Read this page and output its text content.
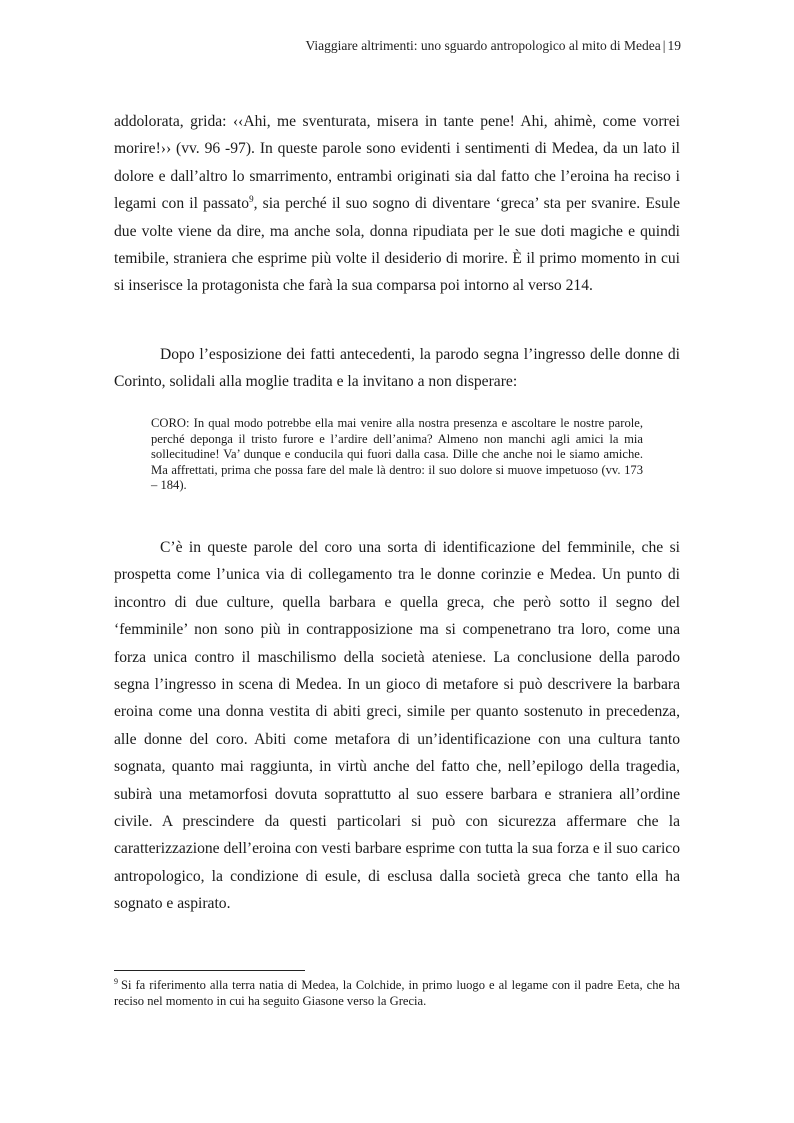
Viaggiare altrimenti: uno sguardo antropologico al mito di Medea | 19

addolorata, grida: ‹‹Ahi, me sventurata, misera in tante pene! Ahi, ahimè, come vorrei morire!›› (vv. 96 -97). In queste parole sono evidenti i sentimenti di Medea, da un lato il dolore e dall’altro lo smarrimento, entrambi originati sia dal fatto che l’eroina ha reciso i legami con il passato$^9$, sia perché il suo sogno di diventare ‘greca’ sta per svanire. Esule due volte viene da dire, ma anche sola, donna ripudiata per le sue doti magiche e quindi temibile, straniera che esprime più volte il desiderio di morire. È il primo momento in cui si inserisce la protagonista che farà la sua comparsa poi intorno al verso 214.

Dopo l’esposizione dei fatti antecedenti, la parodo segna l’ingresso delle donne di Corinto, solidali alla moglie tradita e la invitano a non disperare:

CORO: In qual modo potrebbe ella mai venire alla nostra presenza e ascoltare le nostre parole, perché deponga il tristo furore e l’ardire dell’anima? Almeno non manchi agli amici la mia sollecitudine! Va’ dunque e conducila qui fuori dalla casa. Dille che anche noi le siamo amiche. Ma affrettati, prima che possa fare del male là dentro: il suo dolore si muove impetuoso (vv. 173 – 184).

C’è in queste parole del coro una sorta di identificazione del femminile, che si prospetta come l’unica via di collegamento tra le donne corinzie e Medea. Un punto di incontro di due culture, quella barbara e quella greca, che però sotto il segno del ‘femminile’ non sono più in contrapposizione ma si compenetrano tra loro, come una forza unica contro il maschilismo della società ateniese. La conclusione della parodo segna l’ingresso in scena di Medea. In un gioco di metafore si può descrivere la barbara eroina come una donna vestita di abiti greci, simile per quanto sostenuto in precedenza, alle donne del coro. Abiti come metafora di un’identificazione con una cultura tanto sognata, quanto mai raggiunta, in virtù anche del fatto che, nell’epilogo della tragedia, subirà una metamorfosi dovuta soprattutto al suo essere barbara e straniera all’ordine civile. A prescindere da questi particolari si può con sicurezza affermare che la caratterizzazione dell’eroina con vesti barbare esprime con tutta la sua forza e il suo carico antropologico, la condizione di esule, di esclusa dalla società greca che tanto ella ha sognato e aspirato.

$^9$ Si fa riferimento alla terra natia di Medea, la Colchide, in primo luogo e al legame con il padre Eeta, che ha reciso nel momento in cui ha seguito Giasone verso la Grecia.
